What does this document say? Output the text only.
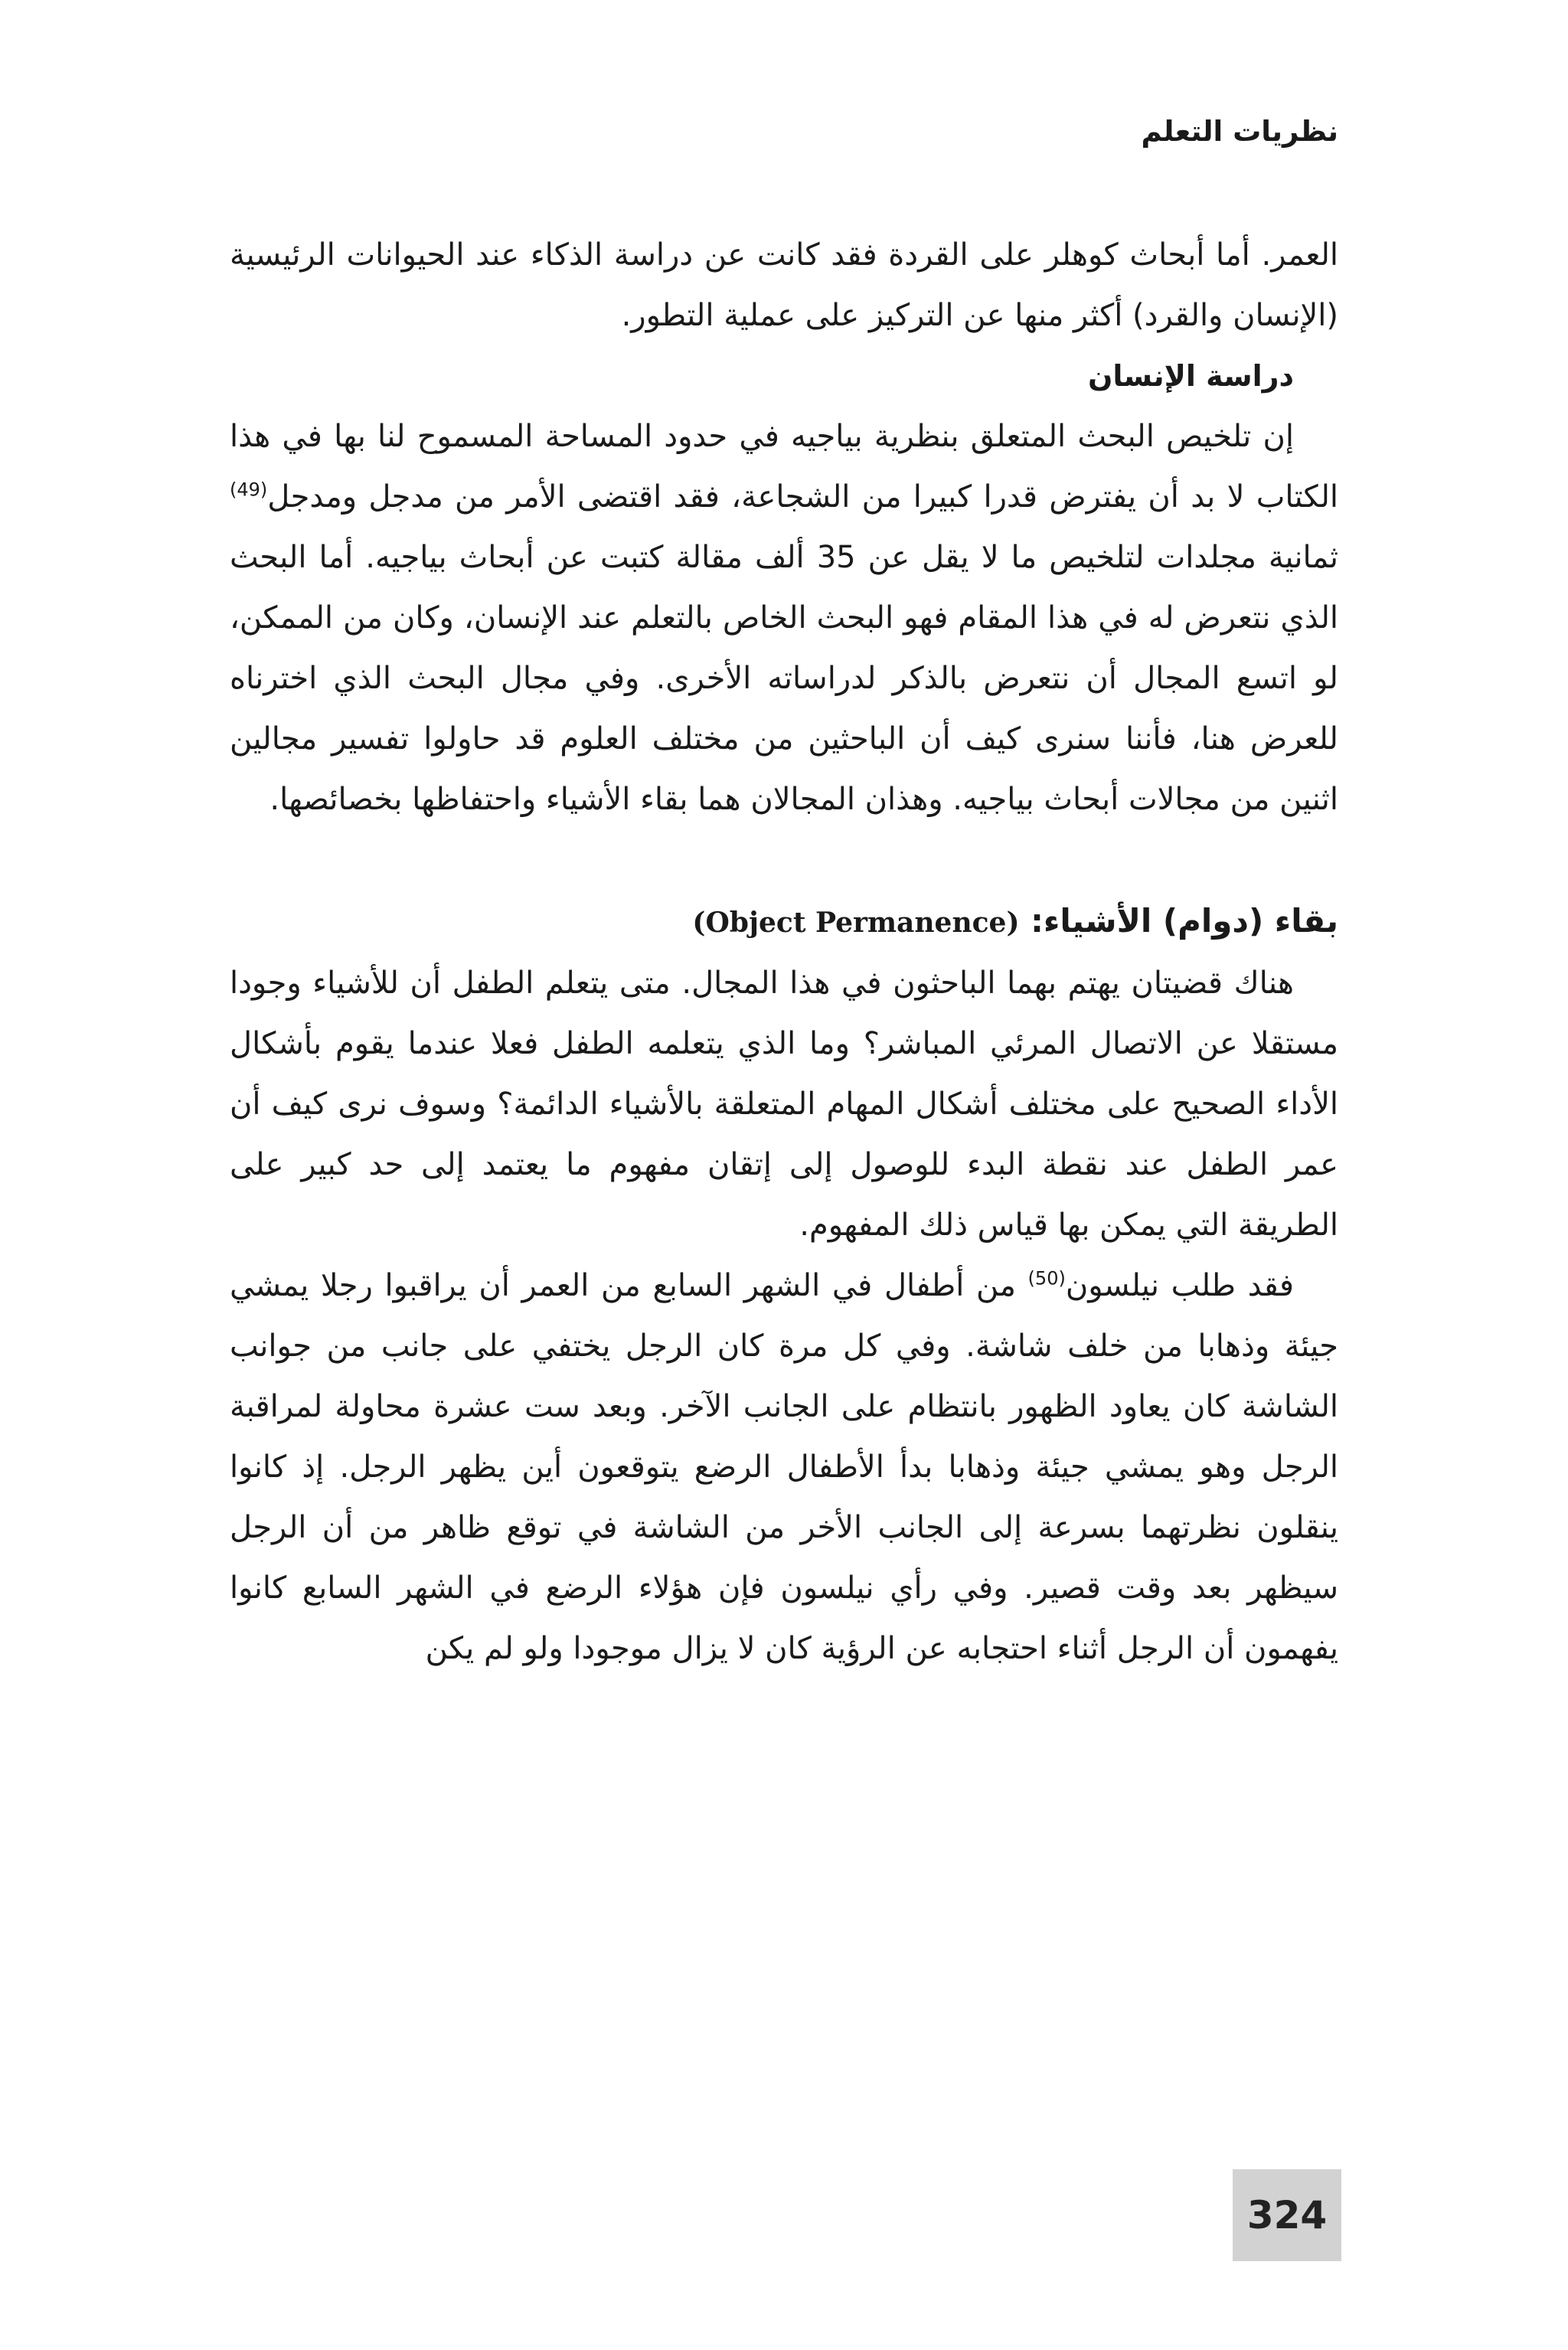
نظريات التعلم

العمر. أما أبحاث كوهلر على القردة فقد كانت عن دراسة الذكاء عند الحيوانات الرئيسية (الإنسان والقرد) أكثر منها عن التركيز على عملية التطور.

دراسة الإنسان

إن تلخيص البحث المتعلق بنظرية بياجيه في حدود المساحة المسموح لنا بها في هذا الكتاب لا بد أن يفترض قدرا كبيرا من الشجاعة، فقد اقتضى الأمر من مدجل ومدجل$^{(49)}$ ثمانية مجلدات لتلخيص ما لا يقل عن 35 ألف مقالة كتبت عن أبحاث بياجيه. أما البحث الذي نتعرض له في هذا المقام فهو البحث الخاص بالتعلم عند الإنسان، وكان من الممكن، لو اتسع المجال أن نتعرض بالذكر لدراساته الأخرى. وفي مجال البحث الذي اخترناه للعرض هنا، فأننا سنرى كيف أن الباحثين من مختلف العلوم قد حاولوا تفسير مجالين اثنين من مجالات أبحاث بياجيه. وهذان المجالان هما بقاء الأشياء واحتفاظها بخصائصها.

بقاء (دوام) الأشياء: (Object Permanence)

هناك قضيتان يهتم بهما الباحثون في هذا المجال. متى يتعلم الطفل أن للأشياء وجودا مستقلا عن الاتصال المرئي المباشر؟ وما الذي يتعلمه الطفل فعلا عندما يقوم بأشكال الأداء الصحيح على مختلف أشكال المهام المتعلقة بالأشياء الدائمة؟ وسوف نرى كيف أن عمر الطفل عند نقطة البدء للوصول إلى إتقان مفهوم ما يعتمد إلى حد كبير على الطريقة التي يمكن بها قياس ذلك المفهوم.

فقد طلب نيلسون$^{(50)}$ من أطفال في الشهر السابع من العمر أن يراقبوا رجلا يمشي جيئة وذهابا من خلف شاشة. وفي كل مرة كان الرجل يختفي على جانب من جوانب الشاشة كان يعاود الظهور بانتظام على الجانب الآخر. وبعد ست عشرة محاولة لمراقبة الرجل وهو يمشي جيئة وذهابا بدأ الأطفال الرضع يتوقعون أين يظهر الرجل. إذ كانوا ينقلون نظرتهما بسرعة إلى الجانب الأخر من الشاشة في توقع ظاهر من أن الرجل سيظهر بعد وقت قصير. وفي رأي نيلسون فإن هؤلاء الرضع في الشهر السابع كانوا يفهمون أن الرجل أثناء احتجابه عن الرؤية كان لا يزال موجودا ولو لم يكن

324
